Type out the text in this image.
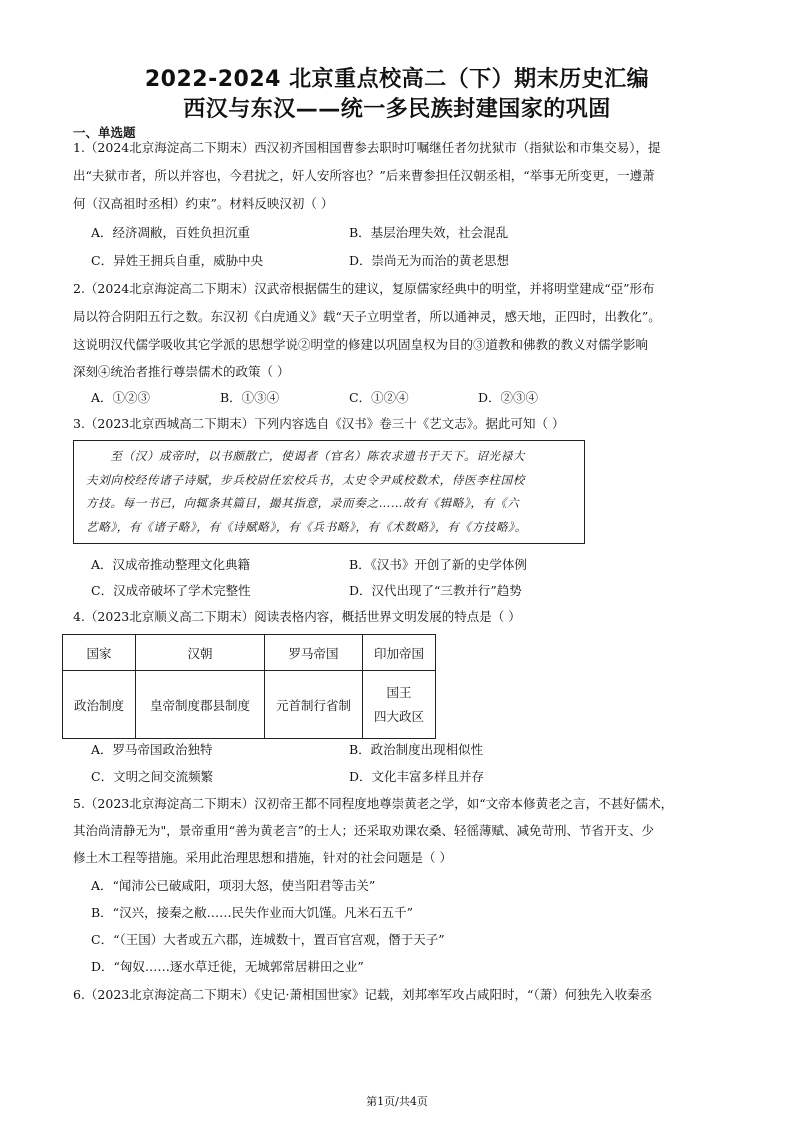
2022-2024 北京重点校高二（下）期末历史汇编
西汉与东汉——统一多民族封建国家的巩固
一、单选题
1.（2024北京海淀高二下期末）西汉初齐国相国曹参去职时叮嘱继任者勿扰狱市（指狱讼和市集交易），提
出“夫狱市者，所以并容也，今君扰之，奸人安所容也？”后来曹参担任汉朝丞相，“举事无所变更，一遵萧
何（汉高祖时丞相）约束”。材料反映汉初（ ）
A．经济凋敝，百姓负担沉重	B．基层治理失效，社会混乱
C．异姓王拥兵自重，威胁中央	D．崇尚无为而治的黄老思想
2.（2024北京海淀高二下期末）汉武帝根据儒生的建议，复原儒家经典中的明堂，并将明堂建成“亞”形布
局以符合阴阳五行之数。东汉初《白虎通义》载“天子立明堂者，所以通神灵，感天地，正四时，出教化”。
这说明汉代儒学吸收其它学派的思想学说②明堂的修建以巩固皇权为目的③道教和佛教的教义对儒学影响
深刻④统治者推行尊崇儒术的政策（ ）
A．①②③	B．①③④	C．①②④	D．②③④
3.（2023北京西城高二下期末）下列内容选自《汉书》卷三十《艺文志》。据此可知（ ）
　　至（汉）成帝时，以书颇散亡，使谒者（官名）陈农求遗书于天下。诏光禄大
夫刘向校经传诸子诗赋，步兵校尉任宏校兵书，太史令尹咸校数术，侍医李柱国校
方技。每一书已，向辄条其篇目，撮其指意，录而奏之……故有《辑略》，有《六
艺略》，有《诸子略》，有《诗赋略》，有《兵书略》，有《术数略》，有《方技略》。
A．汉成帝推动整理文化典籍	B．《汉书》开创了新的史学体例
C．汉成帝破坏了学术完整性	D．汉代出现了“三教并行”趋势
4.（2023北京顺义高二下期末）阅读表格内容，概括世界文明发展的特点是（ ）
国家	汉朝	罗马帝国	印加帝国
政治制度	皇帝制度郡县制度	元首制行省制	国王
四大政区
A．罗马帝国政治独特	B．政治制度出现相似性
C．文明之间交流频繁	D．文化丰富多样且并存
5.（2023北京海淀高二下期末）汉初帝王都不同程度地尊崇黄老之学，如“文帝本修黄老之言，不甚好儒术，
其治尚清静无为"，景帝重用“善为黄老言”的士人；还采取劝课农桑、轻徭薄赋、减免苛刑、节省开支、少
修土木工程等措施。采用此治理思想和措施，针对的社会问题是（ ）
A．“闻沛公已破咸阳，项羽大怒，使当阳君等击关”
B．“汉兴，接秦之敝……民失作业而大饥馑。凡米石五千”
C．“（王国）大者或五六郡，连城数十，置百官宫观，僭于天子”
D．“匈奴……逐水草迁徙，无城郭常居耕田之业”
6.（2023北京海淀高二下期末）《史记·萧相国世家》记载，刘邦率军攻占咸阳时，“（萧）何独先入收秦丞
第1页/共4页
